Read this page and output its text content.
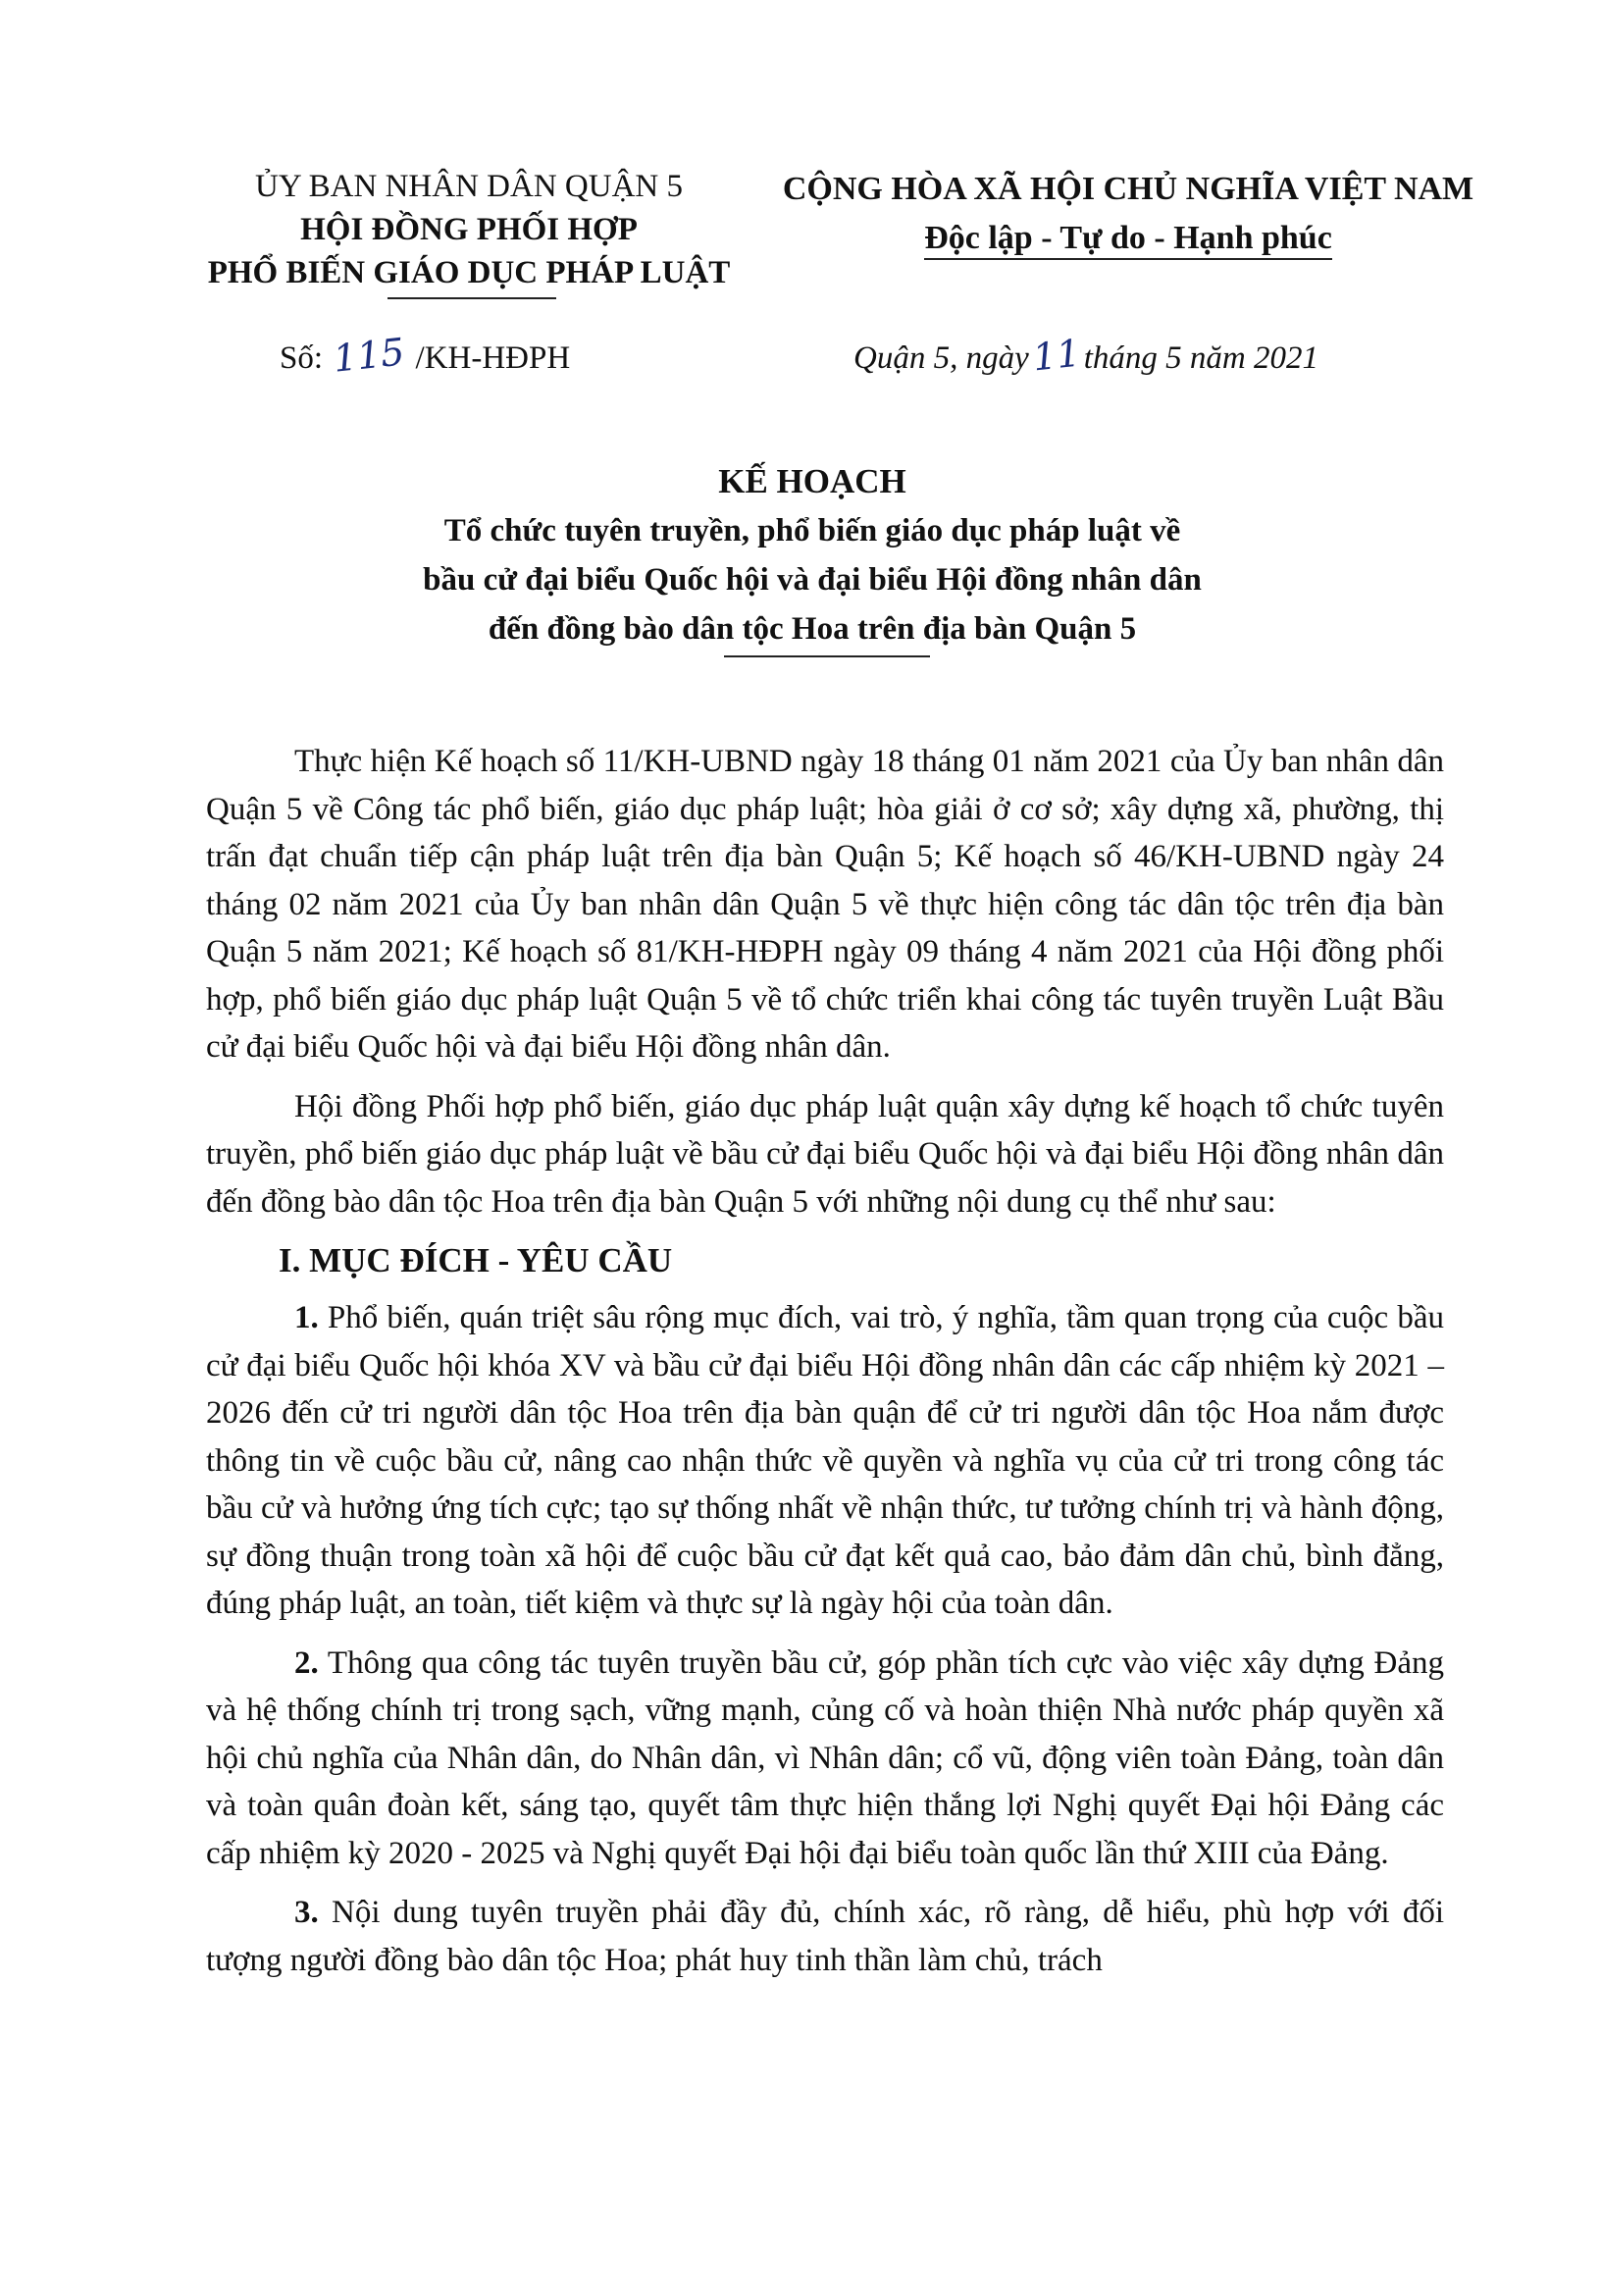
ỦY BAN NHÂN DÂN QUẬN 5
HỘI ĐỒNG PHỐI HỢP
PHỔ BIẾN GIÁO DỤC PHÁP LUẬT
CỘNG HÒA XÃ HỘI CHỦ NGHĨA VIỆT NAM
Độc lập - Tự do - Hạnh phúc
Số: 115 /KH-HĐPH	Quận 5, ngày11tháng 5 năm 2021
KẾ HOẠCH
Tổ chức tuyên truyền, phổ biến giáo dục pháp luật về
bầu cử đại biểu Quốc hội và đại biểu Hội đồng nhân dân
đến đồng bào dân tộc Hoa trên địa bàn Quận 5

Thực hiện Kế hoạch số 11/KH-UBND ngày 18 tháng 01 năm 2021 của Ủy ban nhân dân Quận 5 về Công tác phổ biến, giáo dục pháp luật; hòa giải ở cơ sở; xây dựng xã, phường, thị trấn đạt chuẩn tiếp cận pháp luật trên địa bàn Quận 5; Kế hoạch số 46/KH-UBND ngày 24 tháng 02 năm 2021 của Ủy ban nhân dân Quận 5 về thực hiện công tác dân tộc trên địa bàn Quận 5 năm 2021; Kế hoạch số 81/KH-HĐPH ngày 09 tháng 4 năm 2021 của Hội đồng phối hợp, phổ biến giáo dục pháp luật Quận 5 về tổ chức triển khai công tác tuyên truyền Luật Bầu cử đại biểu Quốc hội và đại biểu Hội đồng nhân dân.

Hội đồng Phối hợp phổ biến, giáo dục pháp luật quận xây dựng kế hoạch tổ chức tuyên truyền, phổ biến giáo dục pháp luật về bầu cử đại biểu Quốc hội và đại biểu Hội đồng nhân dân đến đồng bào dân tộc Hoa trên địa bàn Quận 5 với những nội dung cụ thể như sau:

I. MỤC ĐÍCH - YÊU CẦU

1. Phổ biến, quán triệt sâu rộng mục đích, vai trò, ý nghĩa, tầm quan trọng của cuộc bầu cử đại biểu Quốc hội khóa XV và bầu cử đại biểu Hội đồng nhân dân các cấp nhiệm kỳ 2021 – 2026 đến cử tri người dân tộc Hoa trên địa bàn quận để cử tri người dân tộc Hoa nắm được thông tin về cuộc bầu cử, nâng cao nhận thức về quyền và nghĩa vụ của cử tri trong công tác bầu cử và hưởng ứng tích cực; tạo sự thống nhất về nhận thức, tư tưởng chính trị và hành động, sự đồng thuận trong toàn xã hội để cuộc bầu cử đạt kết quả cao, bảo đảm dân chủ, bình đẳng, đúng pháp luật, an toàn, tiết kiệm và thực sự là ngày hội của toàn dân.

2. Thông qua công tác tuyên truyền bầu cử, góp phần tích cực vào việc xây dựng Đảng và hệ thống chính trị trong sạch, vững mạnh, củng cố và hoàn thiện Nhà nước pháp quyền xã hội chủ nghĩa của Nhân dân, do Nhân dân, vì Nhân dân; cổ vũ, động viên toàn Đảng, toàn dân và toàn quân đoàn kết, sáng tạo, quyết tâm thực hiện thắng lợi Nghị quyết Đại hội Đảng các cấp nhiệm kỳ 2020 - 2025 và Nghị quyết Đại hội đại biểu toàn quốc lần thứ XIII của Đảng.

3. Nội dung tuyên truyền phải đầy đủ, chính xác, rõ ràng, dễ hiểu, phù hợp với đối tượng người đồng bào dân tộc Hoa; phát huy tinh thần làm chủ, trách
